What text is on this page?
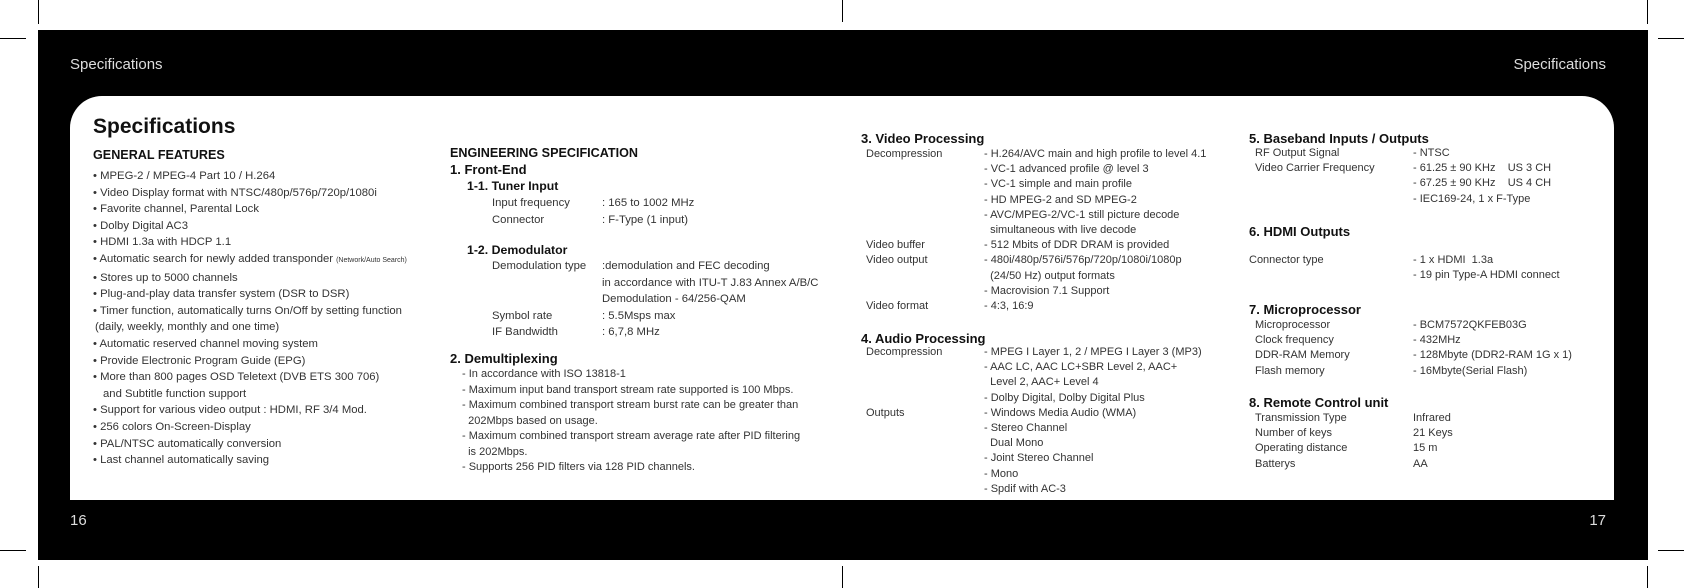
Specifications	Specifications
16	17
Specifications
GENERAL FEATURES
• MPEG-2 / MPEG-4 Part 10 / H.264
• Video Display format with NTSC/480p/576p/720p/1080i
• Favorite channel, Parental Lock
• Dolby Digital AC3
• HDMI 1.3a with HDCP 1.1
• Automatic search for newly added transponder (Network/Auto Search)
• Stores up to 5000 channels
• Plug-and-play data transfer system (DSR to DSR)
• Timer function, automatically turns On/Off by setting function
(daily, weekly, monthly and one time)
• Automatic reserved channel moving system
• Provide Electronic Program Guide (EPG)
• More than 800 pages OSD Teletext (DVB ETS 300 706)
and Subtitle function support
• Support for various video output : HDMI, RF 3/4 Mod.
• 256 colors On-Screen-Display
• PAL/NTSC automatically conversion
• Last channel automatically saving
ENGINEERING SPECIFICATION
1. Front-End
1-1. Tuner Input
Input frequency	: 165 to 1002 MHz
Connector	: F-Type (1 input)
1-2. Demodulator
Demodulation type	:demodulation and FEC decoding
in accordance with ITU-T J.83 Annex A/B/C
Demodulation - 64/256-QAM
Symbol rate	: 5.5Msps max
IF Bandwidth	: 6,7,8 MHz
2. Demultiplexing
- In accordance with ISO 13818-1
- Maximum input band transport stream rate supported is 100 Mbps.
- Maximum combined transport stream burst rate can be greater than
202Mbps based on usage.
- Maximum combined transport stream average rate after PID filtering
is 202Mbps.
- Supports 256 PID filters via 128 PID channels.
3. Video Processing
Decompression	- H.264/AVC main and high profile to level 4.1
- VC-1 advanced profile @ level 3
- VC-1 simple and main profile
- HD MPEG-2 and SD MPEG-2
- AVC/MPEG-2/VC-1 still picture decode
simultaneous with live decode
Video buffer	- 512 Mbits of DDR DRAM is provided
Video output	- 480i/480p/576i/576p/720p/1080i/1080p
(24/50 Hz) output formats
- Macrovision 7.1 Support
Video format	- 4:3, 16:9
4. Audio Processing
Decompression	- MPEG I Layer 1, 2 / MPEG I Layer 3 (MP3)
- AAC LC, AAC LC+SBR Level 2, AAC+
Level 2, AAC+ Level 4
- Dolby Digital, Dolby Digital Plus
Outputs	- Windows Media Audio (WMA)
- Stereo Channel
Dual Mono
- Joint Stereo Channel
- Mono
- Spdif with AC-3
5. Baseband Inputs / Outputs
RF Output Signal	- NTSC
Video Carrier Frequency	- 61.25 ± 90 KHz    US 3 CH
- 67.25 ± 90 KHz    US 4 CH
- IEC169-24, 1 x F-Type
6. HDMI Outputs
Connector type	- 1 x HDMI  1.3a
- 19 pin Type-A HDMI connect
7. Microprocessor
Microprocessor	- BCM7572QKFEB03G
Clock frequency	- 432MHz
DDR-RAM Memory	- 128Mbyte (DDR2-RAM 1G x 1)
Flash memory	- 16Mbyte(Serial Flash)
8. Remote Control unit
Transmission Type	Infrared
Number of keys	21 Keys
Operating distance	15 m
Batterys	AA
